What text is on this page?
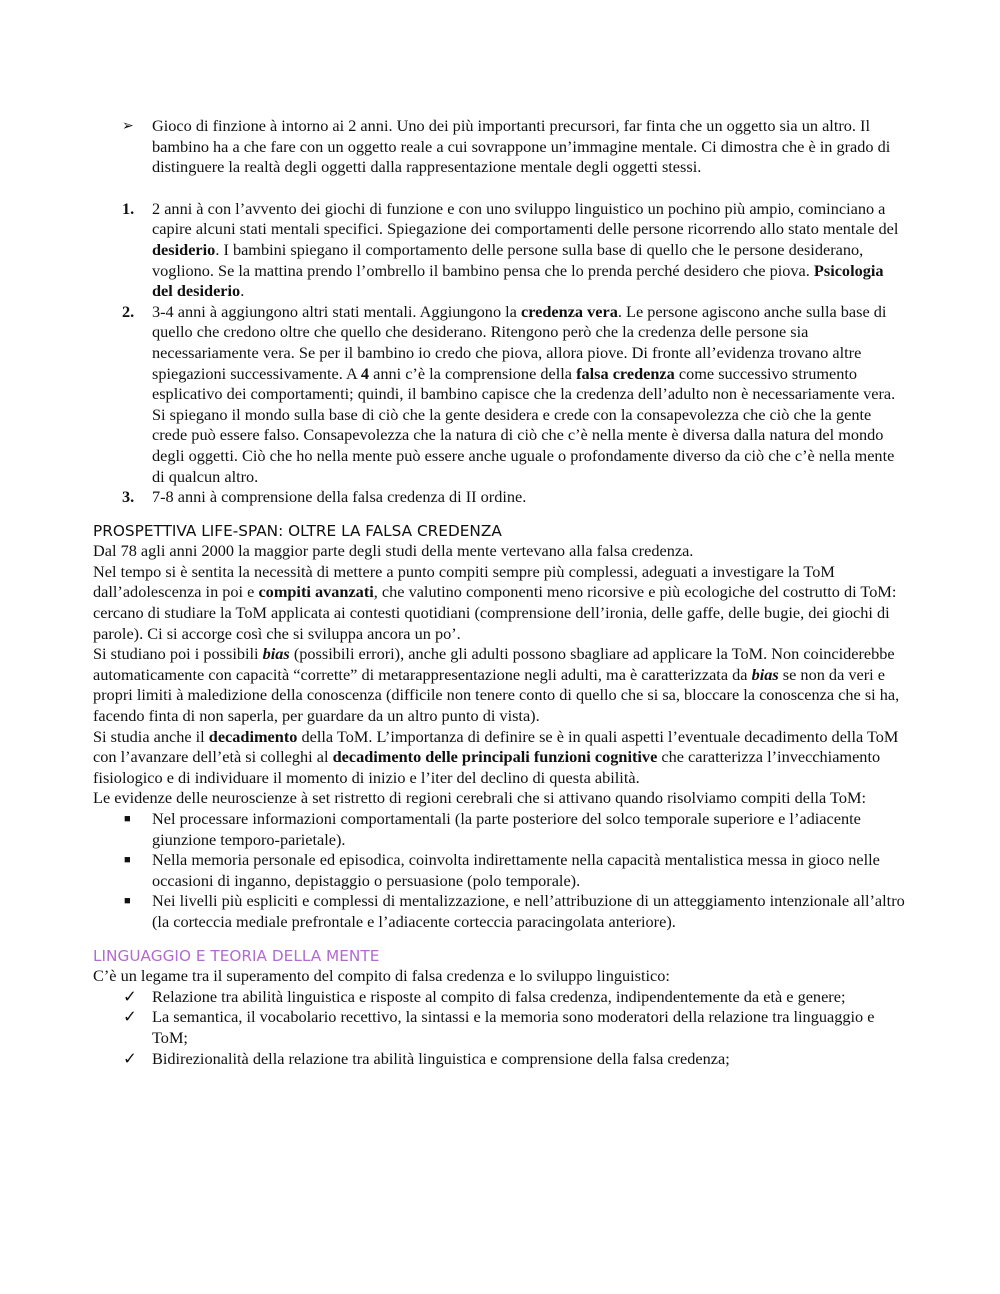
➢ Gioco di finzione à intorno ai 2 anni. Uno dei più importanti precursori, far finta che un oggetto sia un altro. Il bambino ha a che fare con un oggetto reale a cui sovrappone un’immagine mentale. Ci dimostra che è in grado di distinguere la realtà degli oggetti dalla rappresentazione mentale degli oggetti stessi.
1. 2 anni à con l’avvento dei giochi di funzione e con uno sviluppo linguistico un pochino più ampio, cominciano a capire alcuni stati mentali specifici. Spiegazione dei comportamenti delle persone ricorrendo allo stato mentale del desiderio. I bambini spiegano il comportamento delle persone sulla base di quello che le persone desiderano, vogliono. Se la mattina prendo l’ombrello il bambino pensa che lo prenda perché desidero che piova. Psicologia del desiderio.
2. 3-4 anni à aggiungono altri stati mentali. Aggiungono la credenza vera. Le persone agiscono anche sulla base di quello che credono oltre che quello che desiderano. Ritengono però che la credenza delle persone sia necessariamente vera. Se per il bambino io credo che piova, allora piove. Di fronte all’evidenza trovano altre spiegazioni successivamente. A 4 anni c’è la comprensione della falsa credenza come successivo strumento esplicativo dei comportamenti; quindi, il bambino capisce che la credenza dell’adulto non è necessariamente vera. Si spiegano il mondo sulla base di ciò che la gente desidera e crede con la consapevolezza che ciò che la gente crede può essere falso. Consapevolezza che la natura di ciò che c’è nella mente è diversa dalla natura del mondo degli oggetti. Ciò che ho nella mente può essere anche uguale o profondamente diverso da ciò che c’è nella mente di qualcun altro.
3. 7-8 anni à comprensione della falsa credenza di II ordine.
PROSPETTIVA LIFE-SPAN: OLTRE LA FALSA CREDENZA

Dal 78 agli anni 2000 la maggior parte degli studi della mente vertevano alla falsa credenza.

Nel tempo si è sentita la necessità di mettere a punto compiti sempre più complessi, adeguati a investigare la ToM dall’adolescenza in poi e compiti avanzati, che valutino componenti meno ricorsive e più ecologiche del costrutto di ToM: cercano di studiare la ToM applicata ai contesti quotidiani (comprensione dell’ironia, delle gaffe, delle bugie, dei giochi di parole). Ci si accorge così che si sviluppa ancora un po’.

Si studiano poi i possibili bias (possibili errori), anche gli adulti possono sbagliare ad applicare la ToM. Non coinciderebbe automaticamente con capacità “corrette” di metarappresentazione negli adulti, ma è caratterizzata da bias se non da veri e propri limiti à maledizione della conoscenza (difficile non tenere conto di quello che si sa, bloccare la conoscenza che si ha, facendo finta di non saperla, per guardare da un altro punto di vista).

Si studia anche il decadimento della ToM. L’importanza di definire se è in quali aspetti l’eventuale decadimento della ToM con l’avanzare dell’età si colleghi al decadimento delle principali funzioni cognitive che caratterizza l’invecchiamento fisiologico e di individuare il momento di inizio e l’iter del declino di questa abilità.

Le evidenze delle neuroscienze à set ristretto di regioni cerebrali che si attivano quando risolviamo compiti della ToM:

■ Nel processare informazioni comportamentali (la parte posteriore del solco temporale superiore e l’adiacente giunzione temporo-parietale).
■ Nella memoria personale ed episodica, coinvolta indirettamente nella capacità mentalistica messa in gioco nelle occasioni di inganno, depistaggio o persuasione (polo temporale).
■ Nei livelli più espliciti e complessi di mentalizzazione, e nell’attribuzione di un atteggiamento intenzionale all’altro (la corteccia mediale prefrontale e l’adiacente corteccia paracingolata anteriore).
LINGUAGGIO E TEORIA DELLA MENTE

C’è un legame tra il superamento del compito di falsa credenza e lo sviluppo linguistico:

✓ Relazione tra abilità linguistica e risposte al compito di falsa credenza, indipendentemente da età e genere;
✓ La semantica, il vocabolario recettivo, la sintassi e la memoria sono moderatori della relazione tra linguaggio e ToM;
✓ Bidirezionalità della relazione tra abilità linguistica e comprensione della falsa credenza;
